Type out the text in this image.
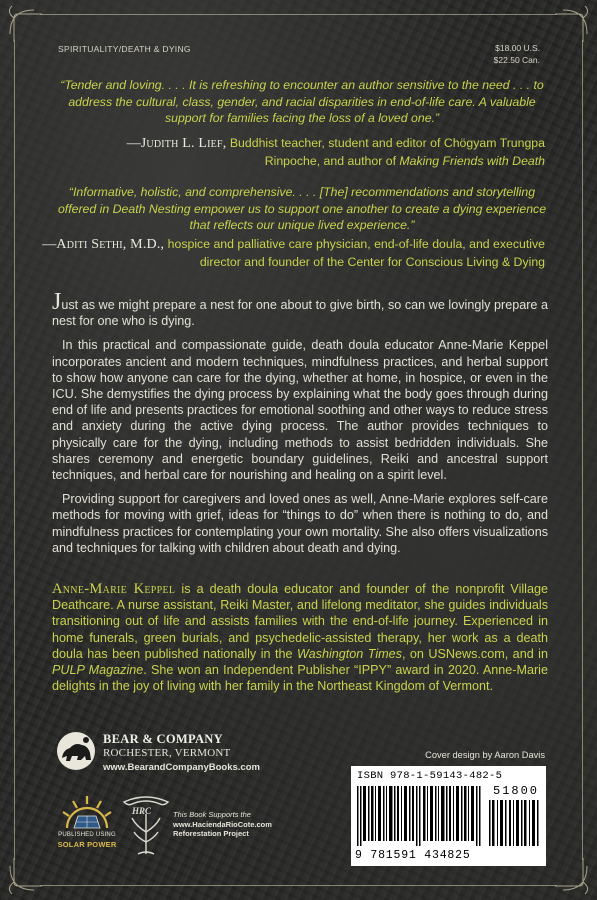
SPIRITUALITY/DEATH & DYING	$18.00 U.S.
$22.50 Can.
“Tender and loving. . . . It is refreshing to encounter an author sensitive to the need . . . to address the cultural, class, gender, and racial disparities in end-of-life care. A valuable support for families facing the loss of a loved one.”
—Judith L. Lief, Buddhist teacher, student and editor of Chögyam Trungpa Rinpoche, and author of Making Friends with Death
“Informative, holistic, and comprehensive. . . . [The] recommendations and storytelling offered in Death Nesting empower us to support one another to create a dying experience that reflects our unique lived experience.”
—Aditi Sethi, M.D., hospice and palliative care physician, end-of-life doula, and executive director and founder of the Center for Conscious Living & Dying

Just as we might prepare a nest for one about to give birth, so can we lovingly prepare a nest for one who is dying.

In this practical and compassionate guide, death doula educator Anne-Marie Keppel incorporates ancient and modern techniques, mindfulness practices, and herbal support to show how anyone can care for the dying, whether at home, in hospice, or even in the ICU. She demystifies the dying process by explaining what the body goes through during end of life and presents practices for emotional soothing and other ways to reduce stress and anxiety during the active dying process. The author provides techniques to physically care for the dying, including methods to assist bedridden individuals. She shares ceremony and energetic boundary guidelines, Reiki and ancestral support techniques, and herbal care for nourishing and healing on a spirit level.

Providing support for caregivers and loved ones as well, Anne-Marie explores self-care methods for moving with grief, ideas for “things to do” when there is nothing to do, and mindfulness practices for contemplating your own mortality. She also offers visualizations and techniques for talking with children about death and dying.

Anne-Marie Keppel is a death doula educator and founder of the nonprofit Village Deathcare. A nurse assistant, Reiki Master, and lifelong meditator, she guides individuals transitioning out of life and assists families with the end-of-life journey. Experienced in home funerals, green burials, and psychedelic-assisted therapy, her work as a death doula has been published nationally in the Washington Times, on USNews.com, and in PULP Magazine. She won an Independent Publisher “IPPY” award in 2020. Anne-Marie delights in the joy of living with her family in the Northeast Kingdom of Vermont.

BEAR & COMPANY
ROCHESTER, VERMONT
www.BearandCompanyBooks.com
Cover design by Aaron Davis
ISBN 978-1-59143-482-5
51800
9 781591 434825
PUBLISHED USING
SOLAR POWER
HRC	This Book Supports the
www.HaciendaRioCote.com
Reforestation Project
